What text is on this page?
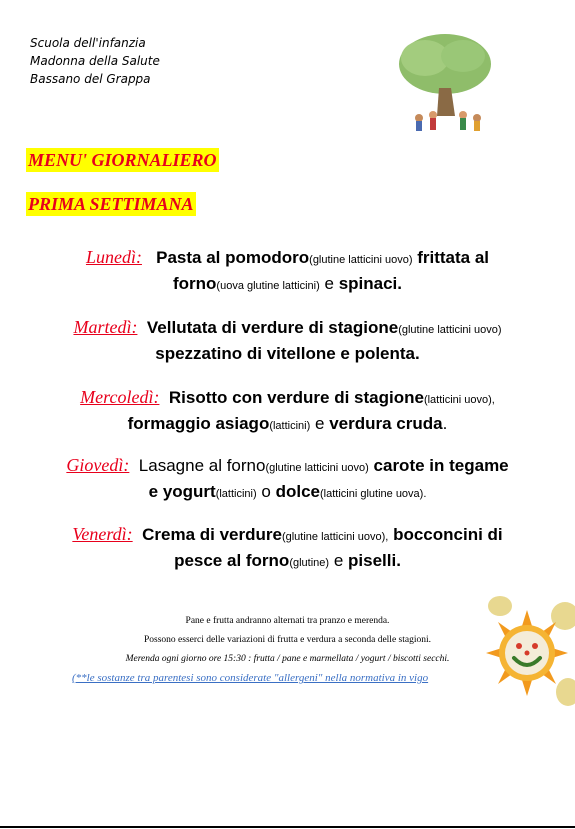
Scuola dell'infanzia
Madonna della Salute
Bassano del Grappa
MENU' GIORNALIERO
PRIMA SETTIMANA
Lunedì: Pasta al pomodoro(glutine latticini uovo) frittata al
forno(uova glutine latticini) e spinaci.
Martedì: Vellutata di verdure di stagione(glutine latticini uovo)
spezzatino di vitellone e polenta.
Mercoledì: Risotto con verdure di stagione(latticini uovo),
formaggio asiago(latticini) e verdura cruda.
Giovedì: Lasagne al forno(glutine latticini uovo) carote in tegame
e yogurt(latticini) o dolce(latticini glutine uova).
Venerdì: Crema di verdure(glutine latticini uovo), bocconcini di
pesce al forno(glutine) e piselli.
Pane e frutta andranno alternati tra pranzo e merenda.
Possono esserci delle variazioni di frutta e verdura a seconda delle stagioni.
Merenda ogni giorno ore 15:30 : frutta / pane e marmellata / yogurt / biscotti secchi.
(**le sostanze tra parentesi sono considerate "allergeni" nella normativa in vigo
